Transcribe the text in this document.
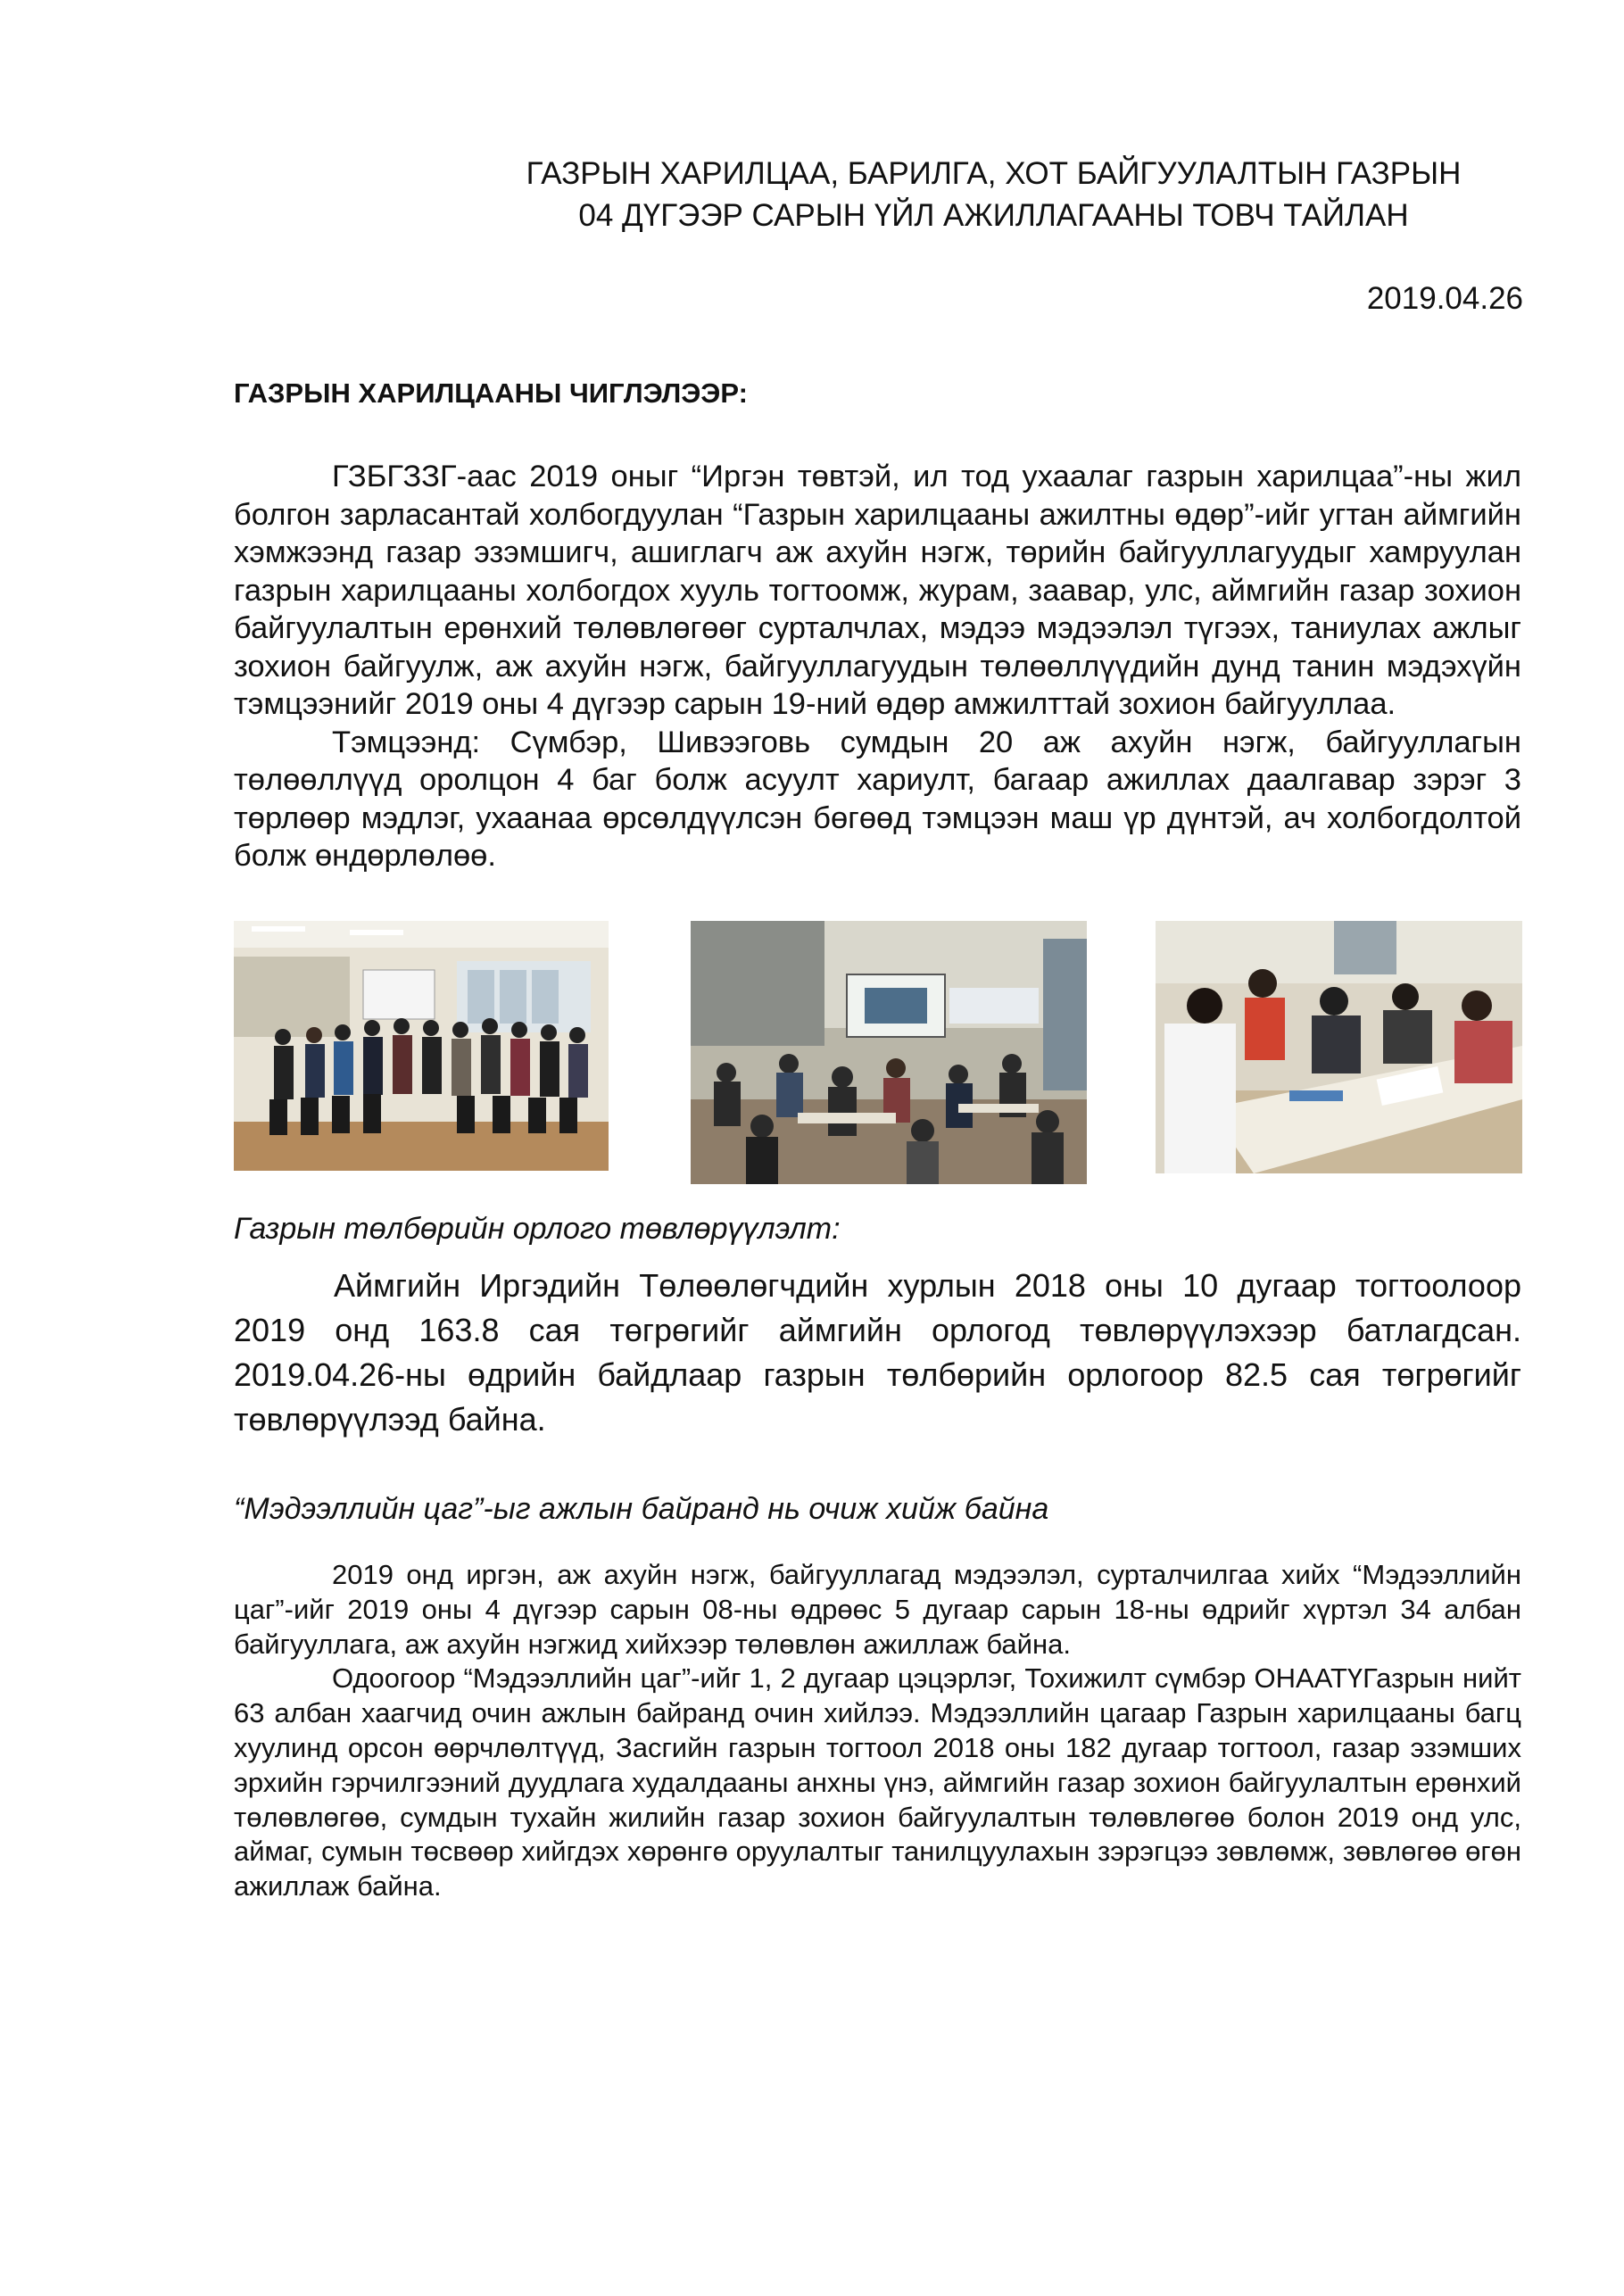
ГАЗРЫН ХАРИЛЦАА, БАРИЛГА, ХОТ БАЙГУУЛАЛТЫН ГАЗРЫН
04 ДҮГЭЭР САРЫН ҮЙЛ АЖИЛЛАГААНЫ ТОВЧ ТАЙЛАН
2019.04.26
ГАЗРЫН ХАРИЛЦААНЫ ЧИГЛЭЛЭЭР:

ГЗБГЗЗГ-аас 2019 оныг “Иргэн төвтэй, ил тод ухаалаг газрын харилцаа”-ны жил болгон зарласантай холбогдуулан “Газрын харилцааны ажилтны өдөр”-ийг угтан аймгийн хэмжээнд газар эзэмшигч, ашиглагч аж ахуйн нэгж, төрийн байгууллагуудыг хамруулан газрын харилцааны холбогдох хууль тогтоомж, журам, заавар, улс, аймгийн газар зохион байгуулалтын ерөнхий төлөвлөгөөг сурталчлах, мэдээ мэдээлэл түгээх, таниулах ажлыг зохион байгуулж, аж ахуйн нэгж, байгууллагуудын төлөөллүүдийн дунд танин мэдэхүйн тэмцээнийг 2019 оны 4 дүгээр сарын 19-ний өдөр амжилттай зохион байгууллаа.

Тэмцээнд: Сүмбэр, Шивээговь сумдын 20 аж ахуйн нэгж, байгууллагын төлөөллүүд оролцон 4 баг болж асуулт хариулт, багаар ажиллах даалгавар зэрэг 3 төрлөөр мэдлэг, ухаанаа өрсөлдүүлсэн бөгөөд тэмцээн маш үр дүнтэй, ач холбогдолтой болж өндөрлөлөө.

Газрын төлбөрийн орлого төвлөрүүлэлт:
Аймгийн Иргэдийн Төлөөлөгчдийн хурлын 2018 оны 10 дугаар тогтоолоор 2019 онд 163.8 сая төгрөгийг аймгийн орлогод төвлөрүүлэхээр батлагдсан. 2019.04.26-ны өдрийн байдлаар газрын төлбөрийн орлогоор 82.5 сая төгрөгийг төвлөрүүлээд байна.
“Мэдээллийн цаг”-ыг ажлын байранд нь очиж хийж байна

2019 онд иргэн, аж ахуйн нэгж, байгууллагад мэдээлэл, сурталчилгаа хийх “Мэдээллийн цаг”-ийг 2019 оны 4 дүгээр сарын 08-ны өдрөөс 5 дугаар сарын 18-ны өдрийг хүртэл 34 албан байгууллага, аж ахуйн нэгжид хийхээр төлөвлөн ажиллаж байна.

Одоогоор “Мэдээллийн цаг”-ийг 1, 2 дугаар цэцэрлэг, Тохижилт сүмбэр ОНААТҮГазрын нийт 63 албан хаагчид очин ажлын байранд очин хийлээ. Мэдээллийн цагаар Газрын харилцааны багц хуулинд орсон өөрчлөлтүүд, Засгийн газрын тогтоол 2018 оны 182 дугаар тогтоол, газар эзэмших эрхийн гэрчилгээний дуудлага худалдааны анхны үнэ, аймгийн газар зохион байгуулалтын ерөнхий төлөвлөгөө, сумдын тухайн жилийн газар зохион байгуулалтын төлөвлөгөө болон 2019 онд улс, аймаг, сумын төсвөөр хийгдэх хөрөнгө оруулалтыг танилцуулахын зэрэгцээ зөвлөмж, зөвлөгөө өгөн ажиллаж байна.
